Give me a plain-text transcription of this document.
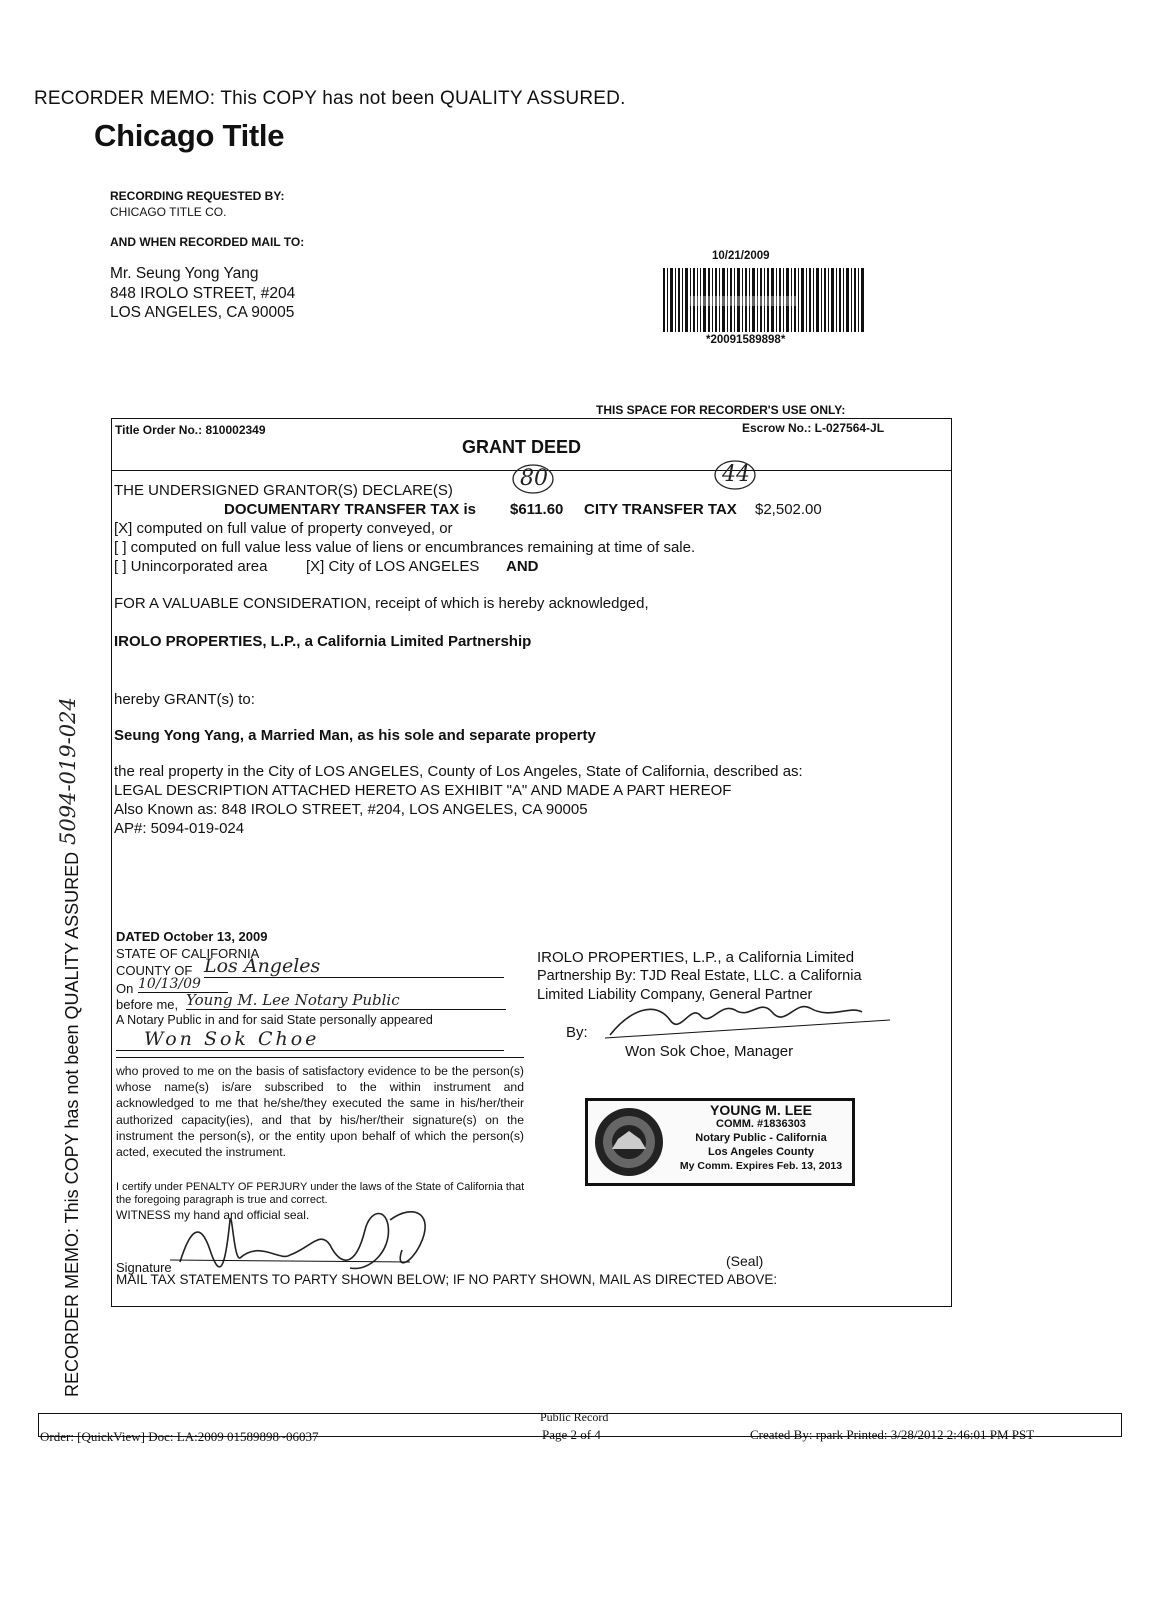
RECORDER MEMO: This COPY has not been QUALITY ASSURED.
Chicago Title
RECORDING REQUESTED BY:
CHICAGO TITLE CO.
AND WHEN RECORDED MAIL TO:
Mr. Seung Yong Yang
848 IROLO STREET, #204
LOS ANGELES, CA 90005
10/21/2009
*20091589898*
THIS SPACE FOR RECORDER'S USE ONLY:
Title Order No.: 810002349	Escrow No.: L-027564-JL
GRANT DEED
THE UNDERSIGNED GRANTOR(S) DECLARE(S)	80	44
DOCUMENTARY TRANSFER TAX is $611.60 CITY TRANSFER TAX $2,502.00
[X] computed on full value of property conveyed, or
[ ] computed on full value less value of liens or encumbrances remaining at time of sale.
[ ] Unincorporated area	[X] City of LOS ANGELES AND
FOR A VALUABLE CONSIDERATION, receipt of which is hereby acknowledged,
IROLO PROPERTIES, L.P., a California Limited Partnership
hereby GRANT(s) to:
Seung Yong Yang, a Married Man, as his sole and separate property
the real property in the City of LOS ANGELES, County of Los Angeles, State of California, described as:
LEGAL DESCRIPTION ATTACHED HERETO AS EXHIBIT "A" AND MADE A PART HEREOF
Also Known as: 848 IROLO STREET, #204, LOS ANGELES, CA 90005
AP#: 5094-019-024
DATED October 13, 2009
STATE OF CALIFORNIA
COUNTY OF Los Angeles
On 10/13/09
before me, Young M. Lee Notary Public
A Notary Public in and for said State personally appeared
Won Sok Choe
who proved to me on the basis of satisfactory evidence to be the person(s) whose name(s) is/are subscribed to the within instrument and acknowledged to me that he/she/they executed the same in his/her/their authorized capacity(ies), and that by his/her/their signature(s) on the instrument the person(s), or the entity upon behalf of which the person(s) acted, executed the instrument.
I certify under PENALTY OF PERJURY under the laws of the State of California that the foregoing paragraph is true and correct.
WITNESS my hand and official seal.
Signature	(Seal)
MAIL TAX STATEMENTS TO PARTY SHOWN BELOW; IF NO PARTY SHOWN, MAIL AS DIRECTED ABOVE:
IROLO PROPERTIES, L.P., a California Limited
Partnership By: TJD Real Estate, LLC. a California
Limited Liability Company, General Partner
By:
Won Sok Choe, Manager
YOUNG M. LEE
COMM. #1836303
Notary Public - California
Los Angeles County
My Comm. Expires Feb. 13, 2013
RECORDER MEMO: This COPY has not been QUALITY ASSURED
5094-019-024
Public Record
Order: [QuickView] Doc: LA:2009 01589898~06037	Page 2 of 4	Created By: rpark Printed: 3/28/2012 2:46:01 PM PST
